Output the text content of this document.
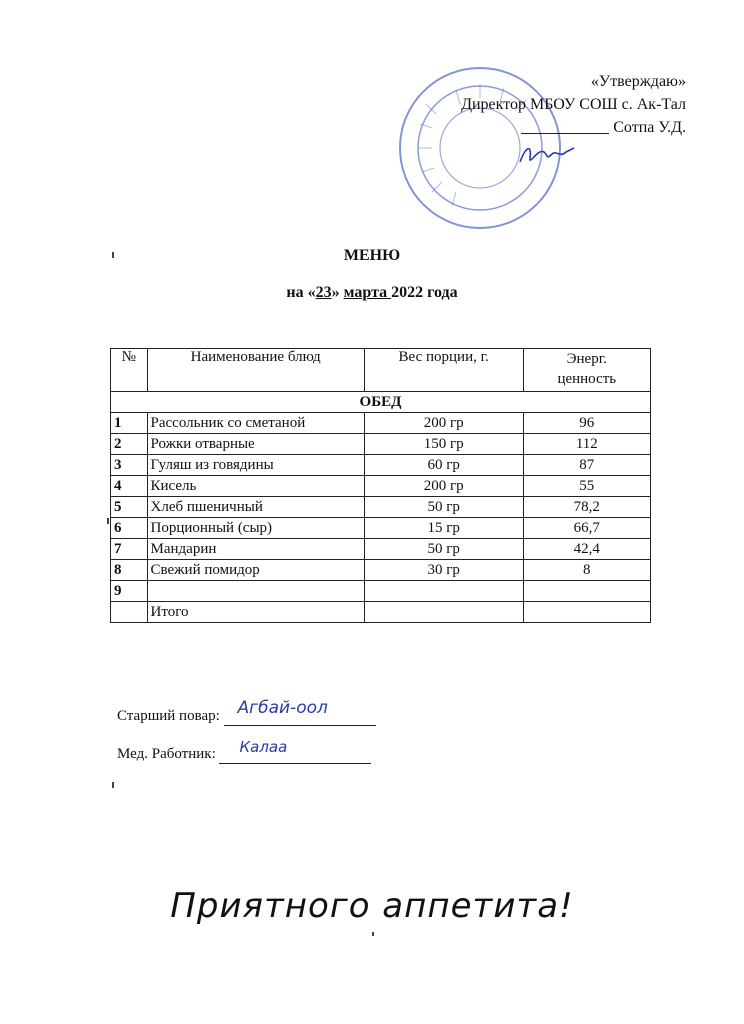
«Утверждаю»
Директор МБОУ СОШ с. Ак-Тал
Сотпа У.Д.
МЕНЮ
на «23» марта 2022 года
№	Наименование блюд	Вес порции, г.	Энерг. ценность
ОБЕД			
1	Рассольник со сметаной	200 гр	96
2	Рожки отварные	150 гр	112
3	Гуляш из говядины	60 гр	87
4	Кисель	200 гр	55
5	Хлеб пшеничный	50 гр	78,2
6	Порционный (сыр)	15 гр	66,7
7	Мандарин	50 гр	42,4
8	Свежий помидор	30 гр	8
9			
	Итого		
Старший повар: Агбай-оол

Мед. Работник: Калаа

Приятного аппетита!
